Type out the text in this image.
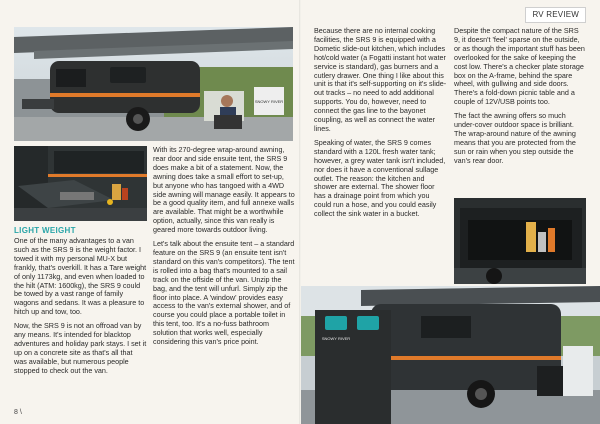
RV REVIEW
SNOWY RIVER
LIGHT WEIGHT

One of the many advantages to a van such as the SRS 9 is the weight factor. I towed it with my personal MU-X but frankly, that's overkill. It has a Tare weight of only 1173kg, and even when loaded to the hilt (ATM: 1600kg), the SRS 9 could be towed by a vast range of family wagons and sedans. It was a pleasure to hitch up and tow, too.

Now, the SRS 9 is not an offroad van by any means. It's intended for blacktop adventures and holiday park stays. I set it up on a concrete site as that's all that was available, but numerous people stopped to check out the van.

With its 270-degree wrap-around awning, rear door and side ensuite tent, the SRS 9 does make a bit of a statement. Now, the awning does take a small effort to set-up, but anyone who has tangoed with a 4WD side awning will manage easily. It appears to be a good quality item, and full annexe walls are available. That might be a worthwhile option, actually, since this van really is geared more towards outdoor living.

Let's talk about the ensuite tent – a standard feature on the SRS 9 (an ensuite tent isn't standard on this van's competitors). The tent is rolled into a bag that's mounted to a sail track on the offside of the van. Unzip the bag, and the tent will unfurl. Simply zip the floor into place. A 'window' provides easy access to the van's external shower, and of course you could place a portable toilet in this tent, too. It's a no-fuss bathroom solution that works well, especially considering this van's price point.

Because there are no internal cooking facilities, the SRS 9 is equipped with a Dometic slide-out kitchen, which includes hot/cold water (a Fogatti instant hot water service is standard), gas burners and a cutlery drawer. One thing I like about this unit is that it's self-supporting on it's slide-out tracks – no need to add additional supports. You do, however, need to connect the gas line to the bayonet coupling, as well as connect the water lines.

Speaking of water, the SRS 9 comes standard with a 120L fresh water tank; however, a grey water tank isn't included, nor does it have a conventional sullage outlet. The reason: the kitchen and shower are external. The shower floor has a drainage point from which you could run a hose, and you could easily collect the sink water in a bucket.

Despite the compact nature of the SRS 9, it doesn't 'feel' sparse on the outside, or as though the important stuff has been overlooked for the sake of keeping the cost low. There's a checker plate storage box on the A-frame, behind the spare wheel, with gullwing and side doors. There's a fold-down picnic table and a couple of 12V/USB points too.

The fact the awning offers so much under-cover outdoor space is brilliant. The wrap-around nature of the awning means that you are protected from the sun or rain when you step outside the van's rear door.

SNOWY RIVER
8 \
